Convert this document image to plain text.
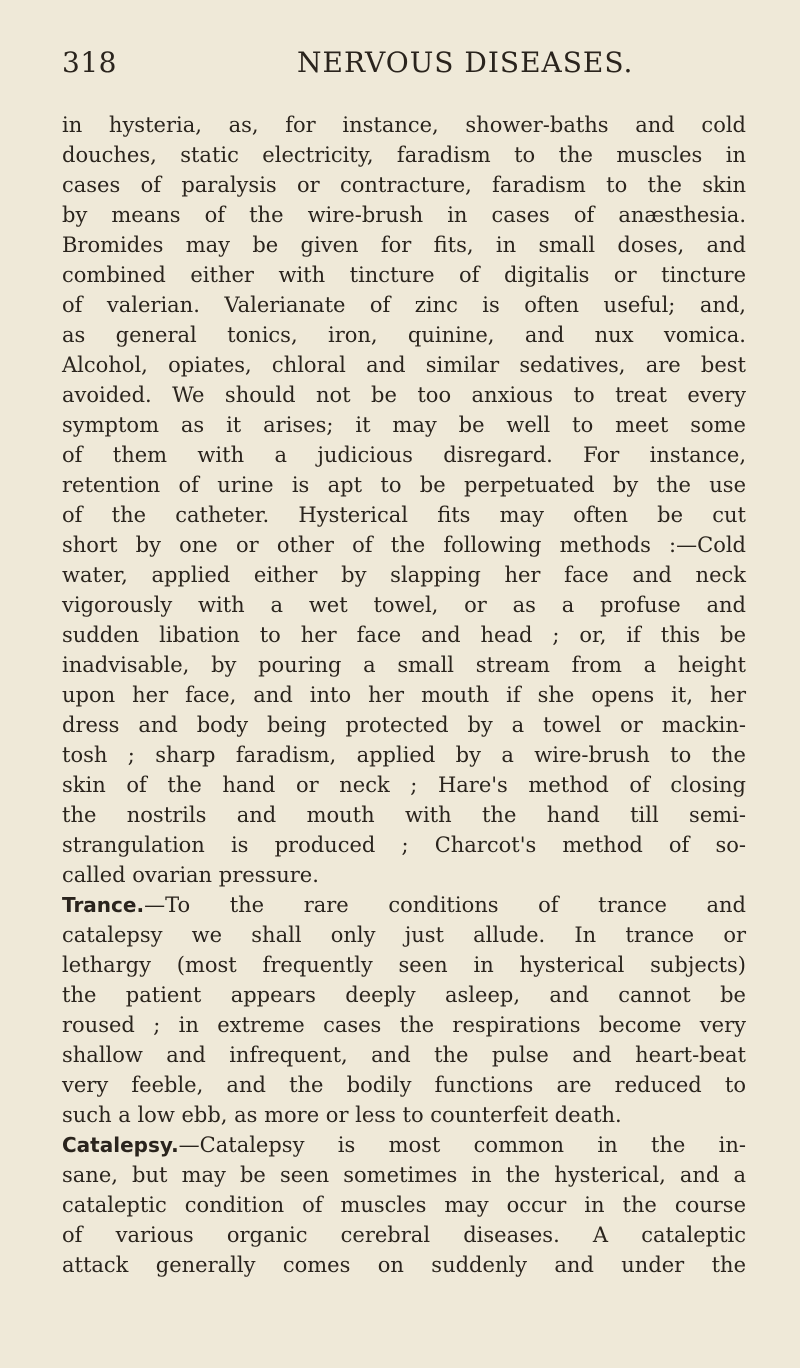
318	NERVOUS DISEASES.
in hysteria, as, for instance, shower-baths and cold
douches, static electricity, faradism to the muscles in
cases of paralysis or contracture, faradism to the skin
by means of the wire-brush in cases of anæsthesia.
Bromides may be given for fits, in small doses, and
combined either with tincture of digitalis or tincture
of valerian. Valerianate of zinc is often useful; and,
as general tonics, iron, quinine, and nux vomica.
Alcohol, opiates, chloral and similar sedatives, are best
avoided. We should not be too anxious to treat every
symptom as it arises; it may be well to meet some
of them with a judicious disregard. For instance,
retention of urine is apt to be perpetuated by the use
of the catheter. Hysterical fits may often be cut
short by one or other of the following methods :—Cold
water, applied either by slapping her face and neck
vigorously with a wet towel, or as a profuse and
sudden libation to her face and head ; or, if this be
inadvisable, by pouring a small stream from a height
upon her face, and into her mouth if she opens it, her
dress and body being protected by a towel or mackin-
tosh ; sharp faradism, applied by a wire-brush to the
skin of the hand or neck ; Hare's method of closing
the nostrils and mouth with the hand till semi-
strangulation is produced ; Charcot's method of so-
called ovarian pressure.
Trance.—To the rare conditions of trance and
catalepsy we shall only just allude. In trance or
lethargy (most frequently seen in hysterical subjects)
the patient appears deeply asleep, and cannot be
roused ; in extreme cases the respirations become very
shallow and infrequent, and the pulse and heart-beat
very feeble, and the bodily functions are reduced to
such a low ebb, as more or less to counterfeit death.
Catalepsy.—Catalepsy is most common in the in-
sane, but may be seen sometimes in the hysterical, and a
cataleptic condition of muscles may occur in the course
of various organic cerebral diseases. A cataleptic
attack generally comes on suddenly and under the
